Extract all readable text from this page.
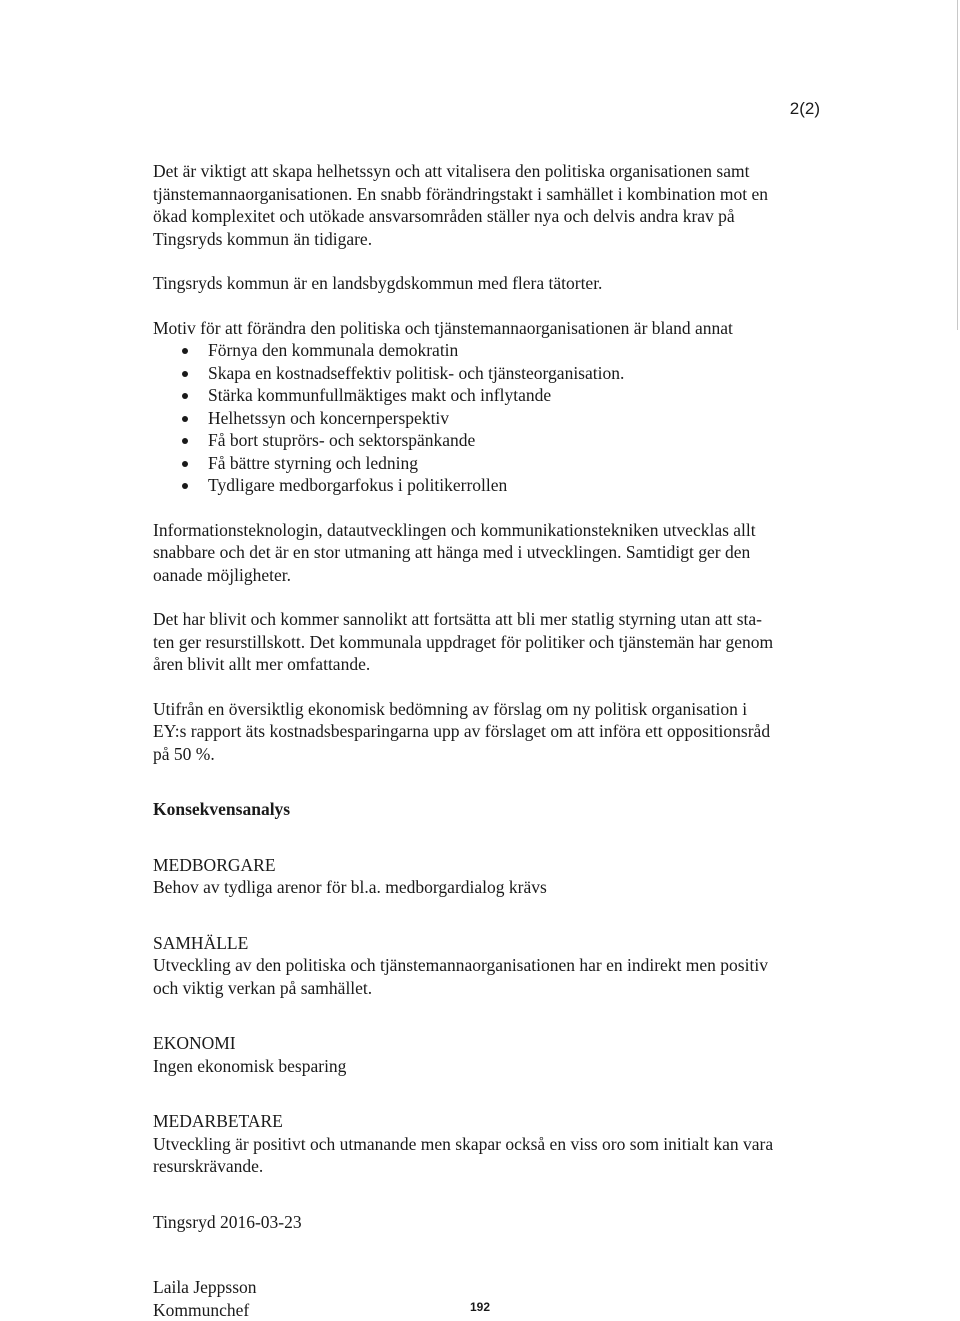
2(2)

Det är viktigt att skapa helhetssyn och att vitalisera den politiska organisationen samt
tjänstemannaorganisationen. En snabb förändringstakt i samhället i kombination mot en
ökad komplexitet och utökade ansvarsområden ställer nya och delvis andra krav på
Tingsryds kommun än tidigare.

Tingsryds kommun är en landsbygdskommun med flera tätorter.

Motiv för att förändra den politiska och tjänstemannaorganisationen är bland annat

Förnya den kommunala demokratin
Skapa en kostnadseffektiv politisk- och tjänsteorganisation.
Stärka kommunfullmäktiges makt och inflytande
Helhetssyn och koncernperspektiv
Få bort stuprörs- och sektorspänkande
Få bättre styrning och ledning
Tydligare medborgarfokus i politikerrollen

Informationsteknologin, datautvecklingen och kommunikationstekniken utvecklas allt
snabbare och det är en stor utmaning att hänga med i utvecklingen. Samtidigt ger den
oanade möjligheter.

Det har blivit och kommer sannolikt att fortsätta att bli mer statlig styrning utan att sta-
ten ger resurstillskott. Det kommunala uppdraget för politiker och tjänstemän har genom
åren blivit allt mer omfattande.

Utifrån en översiktlig ekonomisk bedömning av förslag om ny politisk organisation i
EY:s rapport äts kostnadsbesparingarna upp av förslaget om att införa ett oppositionsråd
på 50 %.

Konsekvensanalys

MEDBORGARE

Behov av tydliga arenor för bl.a. medborgardialog krävs

SAMHÄLLE

Utveckling av den politiska och tjänstemannaorganisationen har en indirekt men positiv
och viktig verkan på samhället.

EKONOMI

Ingen ekonomisk besparing

MEDARBETARE

Utveckling är positivt och utmanande men skapar också en viss oro som initialt kan vara
resurskrävande.

Tingsryd 2016-03-23

Laila Jeppsson

Kommunchef	192
